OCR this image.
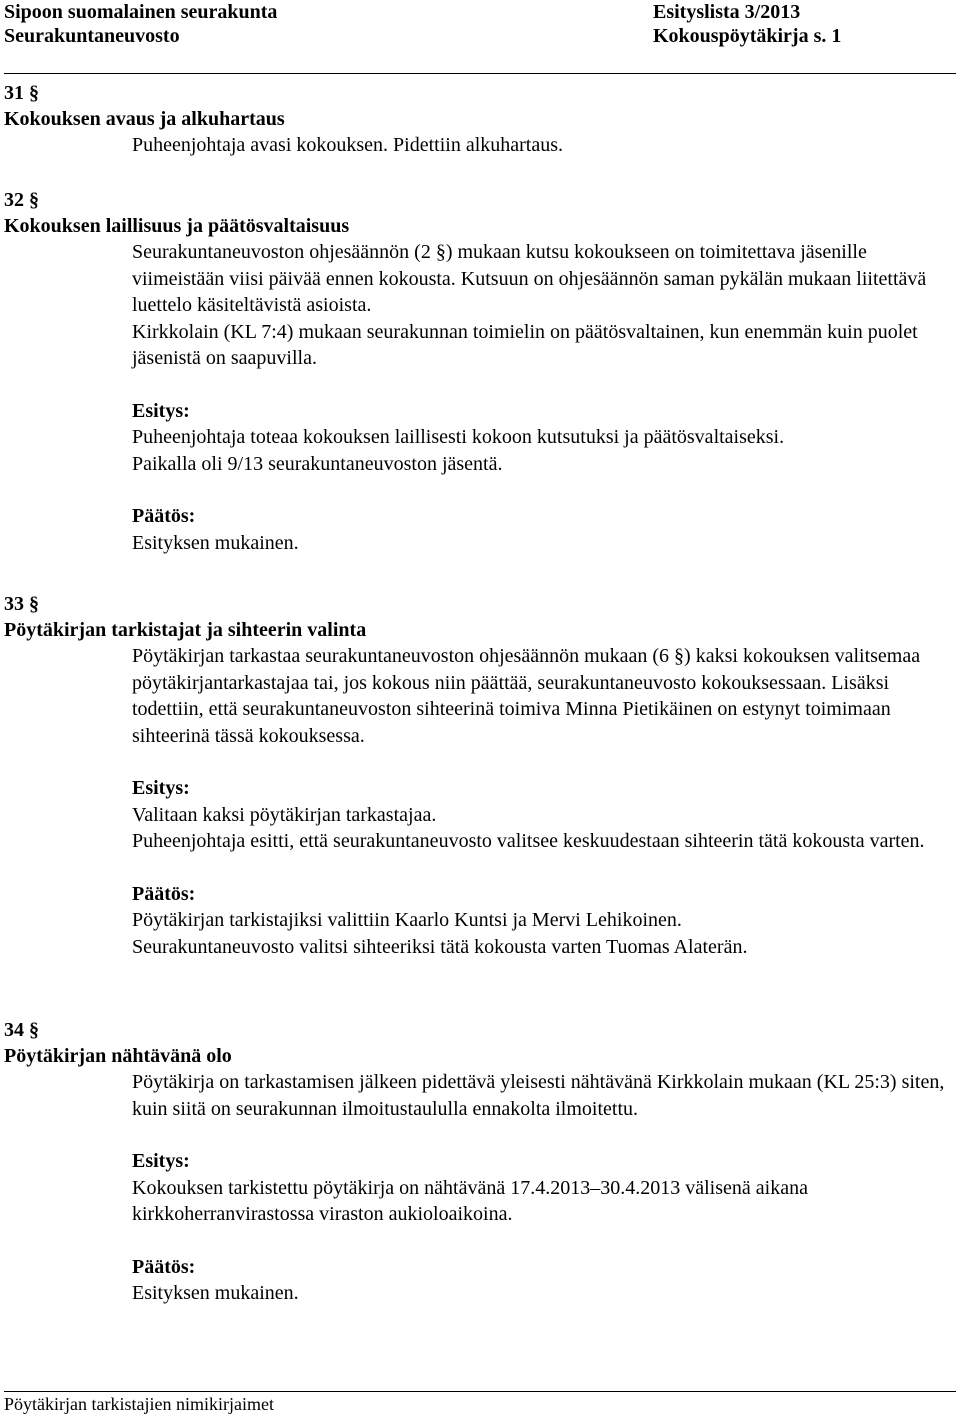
Sipoon suomalainen seurakunta
Seurakuntaneuvosto
Esityslista 3/2013
Kokouspöytäkirja s. 1
31 §
Kokouksen avaus ja alkuhartaus

Puheenjohtaja avasi kokouksen. Pidettiin alkuhartaus.

32 §
Kokouksen laillisuus ja päätösvaltaisuus

Seurakuntaneuvoston ohjesäännön (2 §) mukaan kutsu kokoukseen on toimitettava jäsenille viimeistään viisi päivää ennen kokousta. Kutsuun on ohjesäännön saman pykälän mukaan liitettävä luettelo käsiteltävistä asioista.

Kirkkolain (KL 7:4) mukaan seurakunnan toimielin on päätösvaltainen, kun enemmän kuin puolet jäsenistä on saapuvilla.

Esitys:

Puheenjohtaja toteaa kokouksen laillisesti kokoon kutsutuksi ja päätösvaltaiseksi.

Paikalla oli 9/13 seurakuntaneuvoston jäsentä.

Päätös:

Esityksen mukainen.

33 §
Pöytäkirjan tarkistajat ja sihteerin valinta

Pöytäkirjan tarkastaa seurakuntaneuvoston ohjesäännön mukaan (6 §) kaksi kokouksen valitsemaa pöytäkirjantarkastajaa tai, jos kokous niin päättää, seurakuntaneuvosto kokouksessaan. Lisäksi todettiin, että seurakuntaneuvoston sihteerinä toimiva Minna Pietikäinen on estynyt toimimaan sihteerinä tässä kokouksessa.

Esitys:

Valitaan kaksi pöytäkirjan tarkastajaa.

Puheenjohtaja esitti, että seurakuntaneuvosto valitsee keskuudestaan sihteerin tätä kokousta varten.

Päätös:

Pöytäkirjan tarkistajiksi valittiin Kaarlo Kuntsi ja Mervi Lehikoinen.

Seurakuntaneuvosto valitsi sihteeriksi tätä kokousta varten Tuomas Alaterän.

34 §
Pöytäkirjan nähtävänä olo

Pöytäkirja on tarkastamisen jälkeen pidettävä yleisesti nähtävänä Kirkkolain mukaan (KL 25:3) siten, kuin siitä on seurakunnan ilmoitustaululla ennakolta ilmoitettu.

Esitys:

Kokouksen tarkistettu pöytäkirja on nähtävänä 17.4.2013–30.4.2013 välisenä aikana kirkkoherranvirastossa viraston aukioloaikoina.

Päätös:

Esityksen mukainen.

Pöytäkirjan tarkistajien nimikirjaimet
